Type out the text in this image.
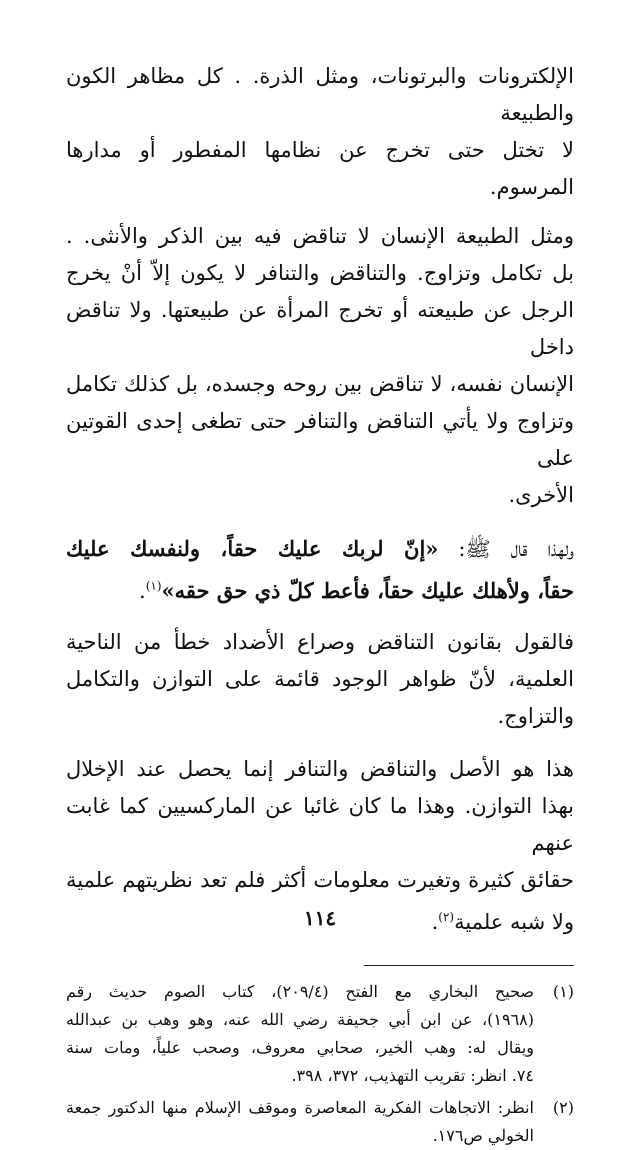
الإلكترونات والبرتونات، ومثل الذرة. . كل مظاهر الكون والطبيعة
لا تختل حتى تخرج عن نظامها المفطور أو مدارها المرسوم.

ومثل الطبيعة الإنسان لا تناقض فيه بين الذكر والأنثى. .
بل تكامل وتزاوج. والتناقض والتنافر لا يكون إلاّ أنْ يخرج
الرجل عن طبيعته أو تخرج المرأة عن طبيعتها. ولا تناقض داخل
الإنسان نفسه، لا تناقض بين روحه وجسده، بل كذلك تكامل
وتزاوج ولا يأتي التناقض والتنافر حتى تطغى إحدى القوتين على
الأخرى.

ولهذا قال ﷺ: «إنّ لربك عليك حقاً، ولنفسك عليك
حقاً، ولأهلك عليك حقاً، فأعط كلّ ذي حق حقه»$^{(١)}$.

فالقول بقانون التناقض وصراع الأضداد خطأ من الناحية
العلمية، لأنّ ظواهر الوجود قائمة على التوازن والتكامل
والتزاوج.

هذا هو الأصل والتناقض والتنافر إنما يحصل عند الإخلال
بهذا التوازن. وهذا ما كان غائبا عن الماركسيين كما غابت عنهم
حقائق كثيرة وتغيرت معلومات أكثر فلم تعد نظريتهم علمية
ولا شبه علمية$^{(٢)}$.

(١)
صحيح البخاري مع الفتح (٢٠٩/٤)، كتاب الصوم حديث رقم
(١٩٦٨)، عن ابن أبي جحيفة رضي الله عنه، وهو وهب بن عبدالله
ويقال له: وهب الخير، صحابي معروف، وصحب علياً، ومات سنة
٧٤. انظر: تقريب التهذيب، ٣٧٢، ٣٩٨.
(٢)
انظر: الاتجاهات الفكرية المعاصرة وموقف الإسلام منها الدكتور جمعة
الخولي ص١٧٦.
١١٤
